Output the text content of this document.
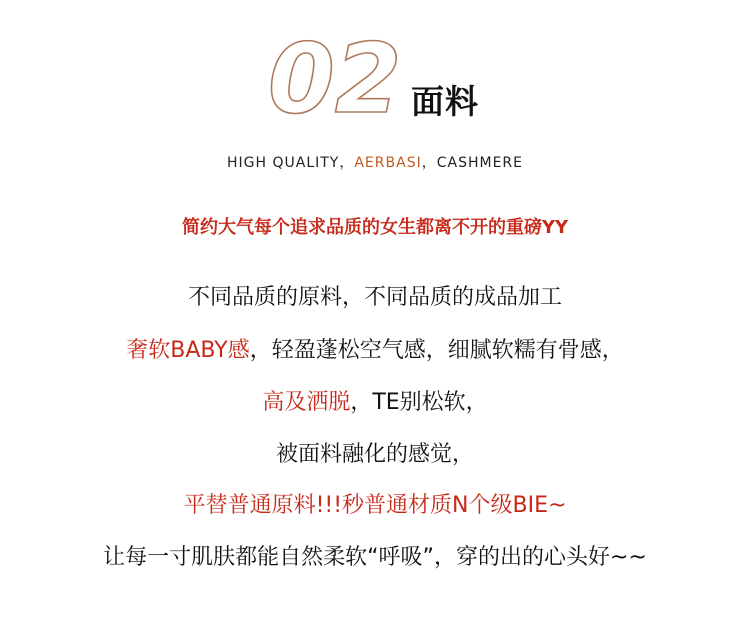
02 面料
HIGH QUALITY，AERBASI，CASHMERE
简约大气每个追求品质的女生都离不开的重磅YY
不同品质的原料，不同品质的成品加工
奢软BABY感，轻盈蓬松空气感，细腻软糯有骨感，
高及洒脱，TE别松软，
被面料融化的感觉，
平替普通原料!!!秒普通材质N个级BIE~
让每一寸肌肤都能自然柔软“呼吸”，穿的出的心头好~~
